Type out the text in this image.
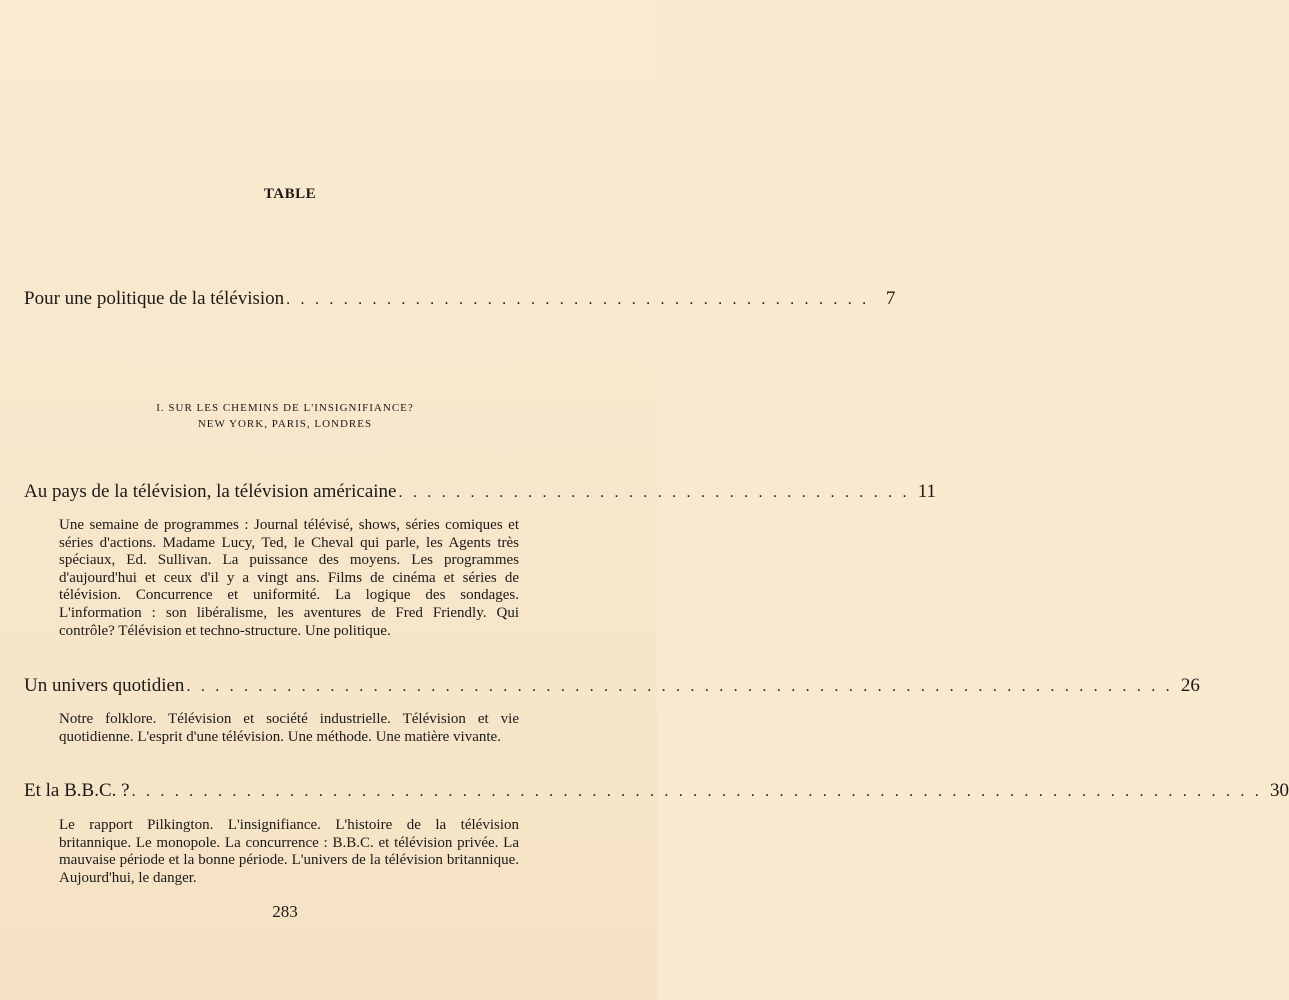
TABLE
Pour une politique de la télévision . . . . . . . . . . . . . . . . . . . . . . . . . . . . . . . . . . . . . . . . . 7
I. SUR LES CHEMINS DE L'INSIGNIFIANCE?
NEW YORK, PARIS, LONDRES
Au pays de la télévision, la télévision américaine . . . . . . . . . . . . . . . . . . . . . . . . . . . . . . . . . . . . 11
Une semaine de programmes : Journal télévisé, shows, séries comiques et séries d'actions. Madame Lucy, Ted, le Cheval qui parle, les Agents très spéciaux, Ed. Sullivan. La puissance des moyens. Les programmes d'aujourd'hui et ceux d'il y a vingt ans. Films de cinéma et séries de télévision. Concurrence et uniformité. La logique des sondages. L'information : son libéralisme, les aventures de Fred Friendly. Qui contrôle? Télévision et techno-structure. Une politique.
Un univers quotidien . . . . . . . . . . . . . . . . . . . . . . . . . . . . . . . . . . . . . . . . . . . . . . . . . . . . . . . . . . . . . . . . . . . . . 26
Notre folklore. Télévision et société industrielle. Télévision et vie quotidienne. L'esprit d'une télévision. Une méthode. Une matière vivante.
Et la B.B.C. ? . . . . . . . . . . . . . . . . . . . . . . . . . . . . . . . . . . . . . . . . . . . . . . . . . . . . . . . . . . . . . . . . . . . . . . . . . . . . . . . 30
Le rapport Pilkington. L'insignifiance. L'histoire de la télévision britannique. Le monopole. La concurrence : B.B.C. et télévision privée. La mauvaise période et la bonne période. L'univers de la télévision britannique. Aujourd'hui, le danger.
283
